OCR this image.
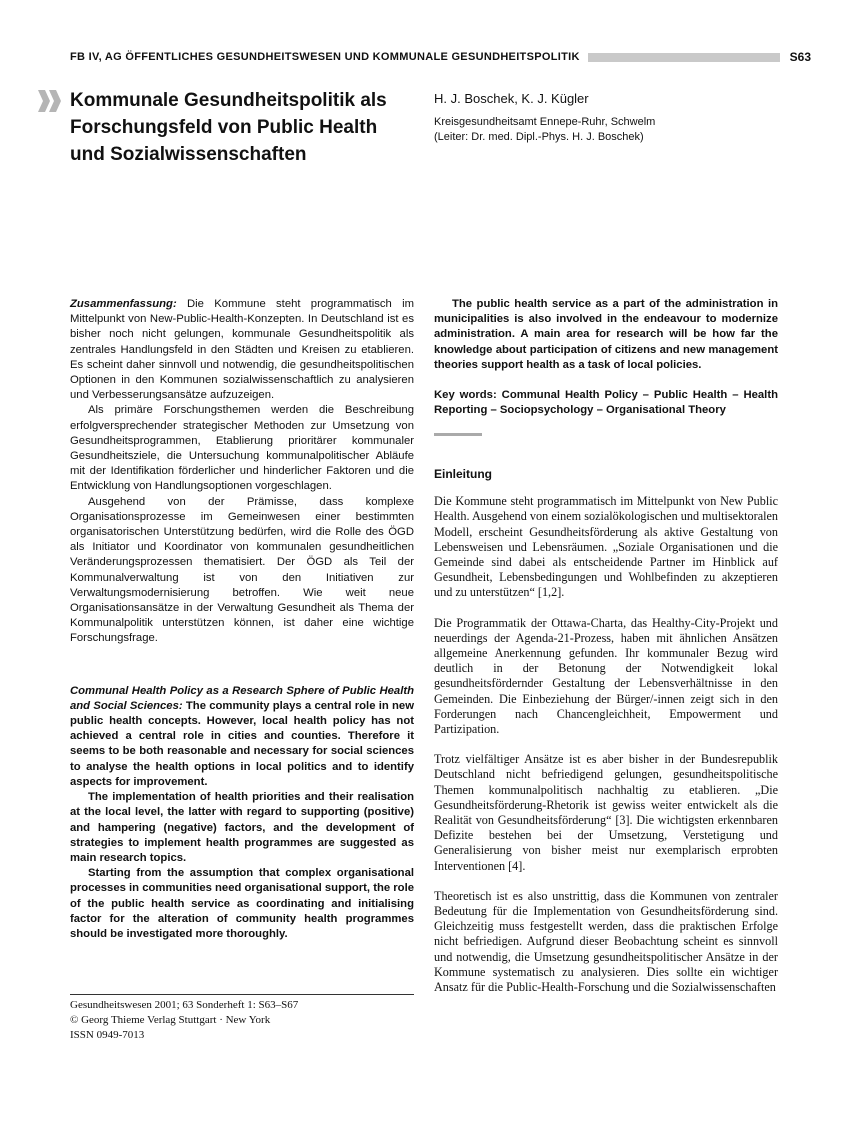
FB IV, AG ÖFFENTLICHES GESUNDHEITSWESEN UND KOMMUNALE GESUNDHEITSPOLITIK	S63
Kommunale Gesundheitspolitik als Forschungsfeld von Public Health und Sozialwissenschaften

H. J. Boschek, K. J. Kügler

Kreisgesundheitsamt Ennepe-Ruhr, Schwelm
(Leiter: Dr. med. Dipl.-Phys. H. J. Boschek)

Zusammenfassung: Die Kommune steht programmatisch im Mittelpunkt von New-Public-Health-Konzepten. In Deutschland ist es bisher noch nicht gelungen, kommunale Gesundheitspolitik als zentrales Handlungsfeld in den Städten und Kreisen zu etablieren. Es scheint daher sinnvoll und notwendig, die gesundheitspolitischen Optionen in den Kommunen sozialwissenschaftlich zu analysieren und Verbesserungsansätze aufzuzeigen.

Als primäre Forschungsthemen werden die Beschreibung erfolgversprechender strategischer Methoden zur Umsetzung von Gesundheitsprogrammen, Etablierung prioritärer kommunaler Gesundheitsziele, die Untersuchung kommunalpolitischer Abläufe mit der Identifikation förderlicher und hinderlicher Faktoren und die Entwicklung von Handlungsoptionen vorgeschlagen.

Ausgehend von der Prämisse, dass komplexe Organisationsprozesse im Gemeinwesen einer bestimmten organisatorischen Unterstützung bedürfen, wird die Rolle des ÖGD als Initiator und Koordinator von kommunalen gesundheitlichen Veränderungsprozessen thematisiert. Der ÖGD als Teil der Kommunalverwaltung ist von den Initiativen zur Verwaltungsmodernisierung betroffen. Wie weit neue Organisationsansätze in der Verwaltung Gesundheit als Thema der Kommunalpolitik unterstützen können, ist daher eine wichtige Forschungsfrage.

Communal Health Policy as a Research Sphere of Public Health and Social Sciences: The community plays a central role in new public health concepts. However, local health policy has not achieved a central role in cities and counties. Therefore it seems to be both reasonable and necessary for social sciences to analyse the health options in local politics and to identify aspects for improvement.

The implementation of health priorities and their realisation at the local level, the latter with regard to supporting (positive) and hampering (negative) factors, and the development of strategies to implement health programmes are suggested as main research topics.

Starting from the assumption that complex organisational processes in communities need organisational support, the role of the public health service as coordinating and initialising factor for the alteration of community health programmes should be investigated more thoroughly.

The public health service as a part of the administration in municipalities is also involved in the endeavour to modernize administration. A main area for research will be how far the knowledge about participation of citizens and new management theories support health as a task of local policies.

Key words: Communal Health Policy – Public Health – Health Reporting – Sociopsychology – Organisational Theory

Einleitung

Die Kommune steht programmatisch im Mittelpunkt von New Public Health. Ausgehend von einem sozialökologischen und multisektoralen Modell, erscheint Gesundheitsförderung als aktive Gestaltung von Lebensweisen und Lebensräumen. „Soziale Organisationen und die Gemeinde sind dabei als entscheidende Partner im Hinblick auf Gesundheit, Lebensbedingungen und Wohlbefinden zu akzeptieren und zu unterstützen“ [1,2].

Die Programmatik der Ottawa-Charta, das Healthy-City-Projekt und neuerdings der Agenda-21-Prozess, haben mit ähnlichen Ansätzen allgemeine Anerkennung gefunden. Ihr kommunaler Bezug wird deutlich in der Betonung der Notwendigkeit lokal gesundheitsfördernder Gestaltung der Lebensverhältnisse in den Gemeinden. Die Einbeziehung der Bürger/-innen zeigt sich in den Forderungen nach Chancengleichheit, Empowerment und Partizipation.

Trotz vielfältiger Ansätze ist es aber bisher in der Bundesrepublik Deutschland nicht befriedigend gelungen, gesundheitspolitische Themen kommunalpolitisch nachhaltig zu etablieren. „Die Gesundheitsförderung-Rhetorik ist gewiss weiter entwickelt als die Realität von Gesundheitsförderung“ [3]. Die wichtigsten erkennbaren Defizite bestehen bei der Umsetzung, Verstetigung und Generalisierung von bisher meist nur exemplarisch erprobten Interventionen [4].

Theoretisch ist es also unstrittig, dass die Kommunen von zentraler Bedeutung für die Implementation von Gesundheitsförderung sind. Gleichzeitig muss festgestellt werden, dass die praktischen Erfolge nicht befriedigen. Aufgrund dieser Beobachtung scheint es sinnvoll und notwendig, die Umsetzung gesundheitspolitischer Ansätze in der Kommune systematisch zu analysieren. Dies sollte ein wichtiger Ansatz für die Public-Health-Forschung und die Sozialwissenschaften

Gesundheitswesen 2001; 63 Sonderheft 1: S63–S67
© Georg Thieme Verlag Stuttgart · New York
ISSN 0949-7013
